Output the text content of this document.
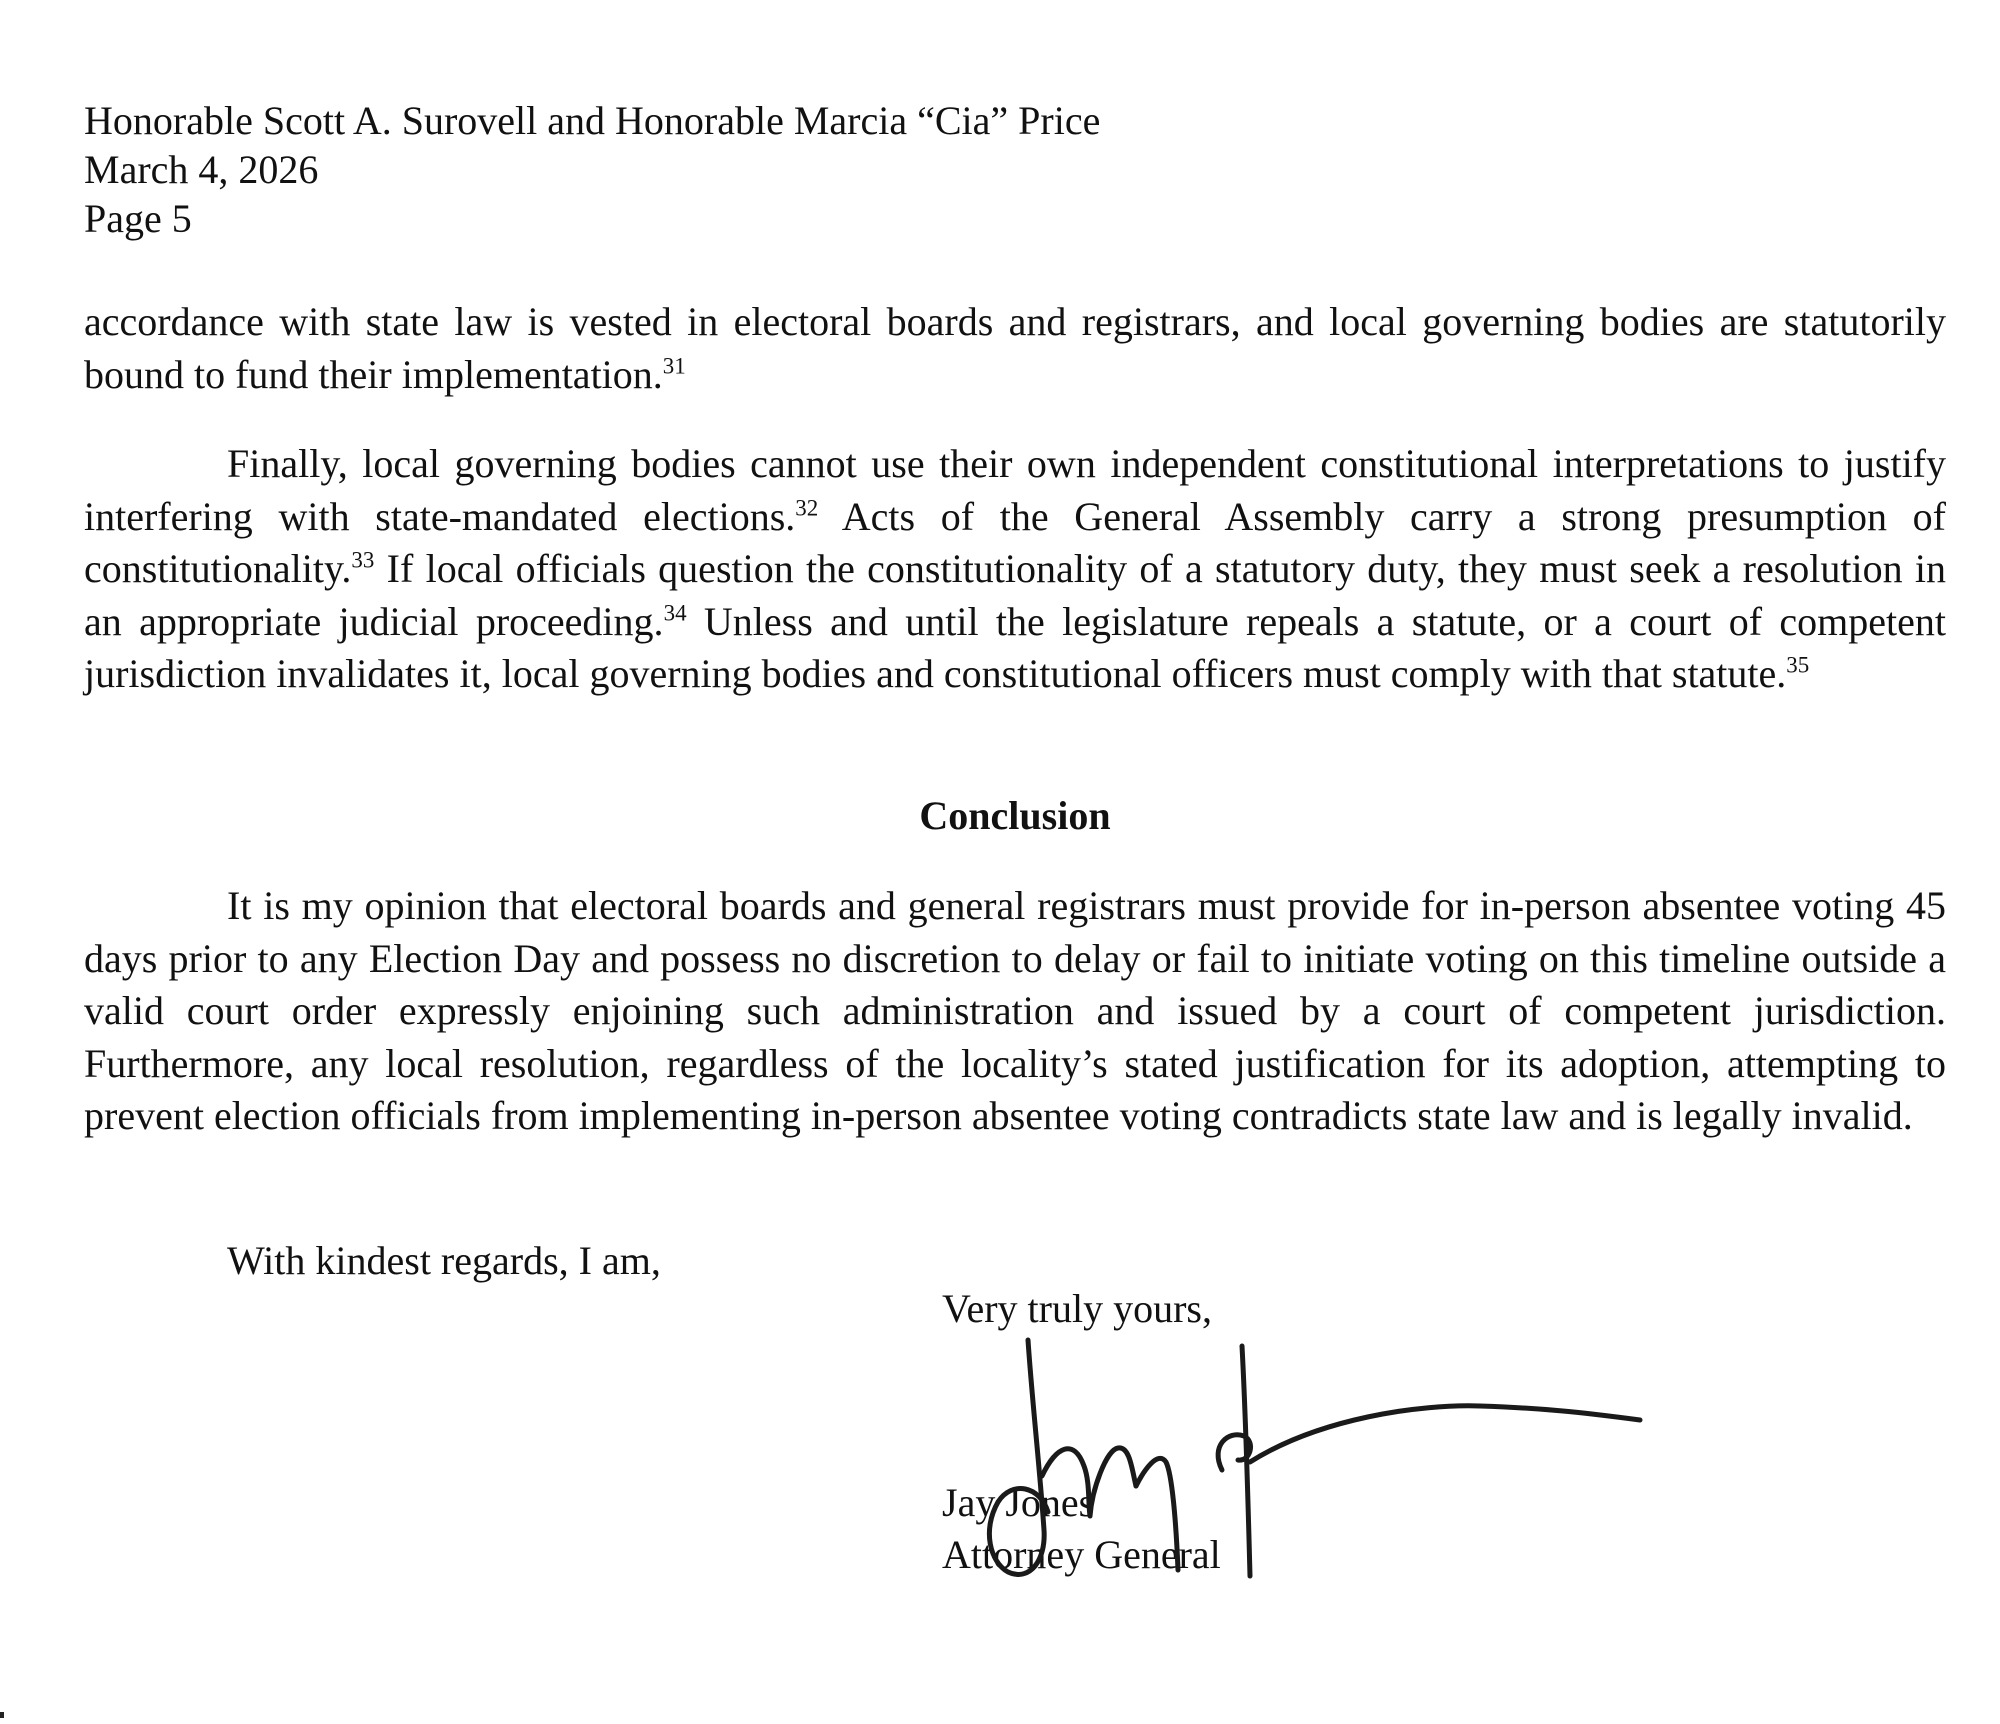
Honorable Scott A. Surovell and Honorable Marcia “Cia” Price
March 4, 2026
Page 5

accordance with state law is vested in electoral boards and registrars, and local governing bodies are statutorily bound to fund their implementation.$^{31}$

Finally, local governing bodies cannot use their own independent constitutional interpretations to justify interfering with state-mandated elections.$^{32}$ Acts of the General Assembly carry a strong presumption of constitutionality.$^{33}$ If local officials question the constitutionality of a statutory duty, they must seek a resolution in an appropriate judicial proceeding.$^{34}$ Unless and until the legislature repeals a statute, or a court of competent jurisdiction invalidates it, local governing bodies and constitutional officers must comply with that statute.$^{35}$

Conclusion

It is my opinion that electoral boards and general registrars must provide for in-person absentee voting 45 days prior to any Election Day and possess no discretion to delay or fail to initiate voting on this timeline outside a valid court order expressly enjoining such administration and issued by a court of competent jurisdiction. Furthermore, any local resolution, regardless of the locality’s stated justification for its adoption, attempting to prevent election officials from implementing in-person absentee voting contradicts state law and is legally invalid.

With kindest regards, I am,
Very truly yours,
Jay Jones
Attorney General
